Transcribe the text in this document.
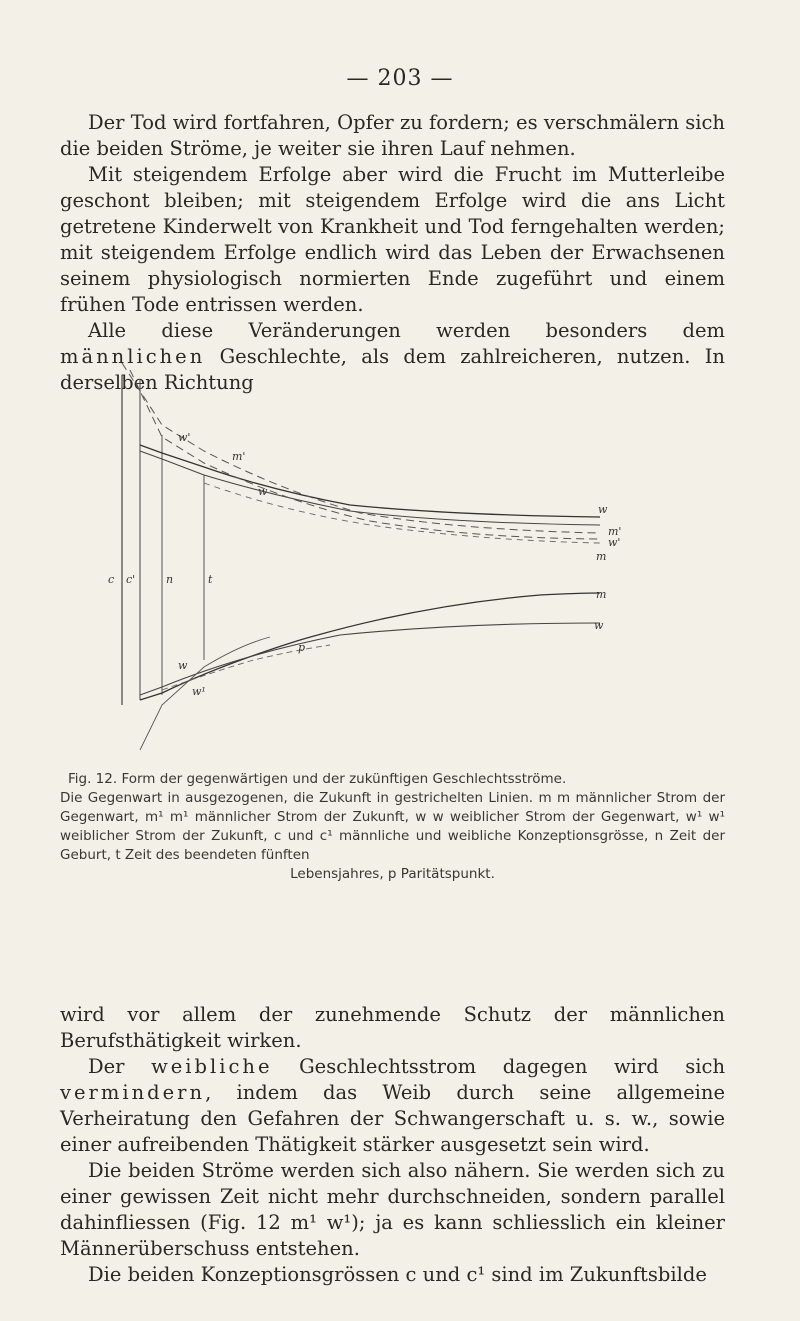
— 203 —

Der Tod wird fortfahren, Opfer zu fordern; es verschmälern sich die beiden Ströme, je weiter sie ihren Lauf nehmen.

Mit steigendem Erfolge aber wird die Frucht im Mutterleibe geschont bleiben; mit steigendem Erfolge wird die ans Licht getretene Kinderwelt von Krankheit und Tod ferngehalten werden; mit steigendem Erfolge endlich wird das Leben der Erwachsenen seinem physiologisch normierten Ende zugeführt und einem frühen Tode entrissen werden.

Alle diese Veränderungen werden besonders dem männlichen Geschlechte, als dem zahlreicheren, nutzen. In derselben Richtung

c c'	n	t
w'
m'
w
w
m'
w'
m
m
w
p
w
w¹
Fig. 12. Form der gegenwärtigen und der zukünftigen Geschlechtsströme.
Die Gegenwart in ausgezogenen, die Zukunft in gestrichelten Linien. m m männlicher Strom der Gegenwart, m¹ m¹ männlicher Strom der Zukunft, w w weiblicher Strom der Gegenwart, w¹ w¹ weiblicher Strom der Zukunft, c und c¹ männliche und weibliche Konzeptionsgrösse, n Zeit der Geburt, t Zeit des beendeten fünften
Lebensjahres, p Paritätspunkt.

wird vor allem der zunehmende Schutz der männlichen Berufsthätigkeit wirken.

Der weibliche Geschlechtsstrom dagegen wird sich vermindern, indem das Weib durch seine allgemeine Verheiratung den Gefahren der Schwangerschaft u. s. w., sowie einer aufreibenden Thätigkeit stärker ausgesetzt sein wird.

Die beiden Ströme werden sich also nähern. Sie werden sich zu einer gewissen Zeit nicht mehr durchschneiden, sondern parallel dahinfliessen (Fig. 12 m¹ w¹); ja es kann schliesslich ein kleiner Männerüberschuss entstehen.

Die beiden Konzeptionsgrössen c und c¹ sind im Zukunftsbilde
